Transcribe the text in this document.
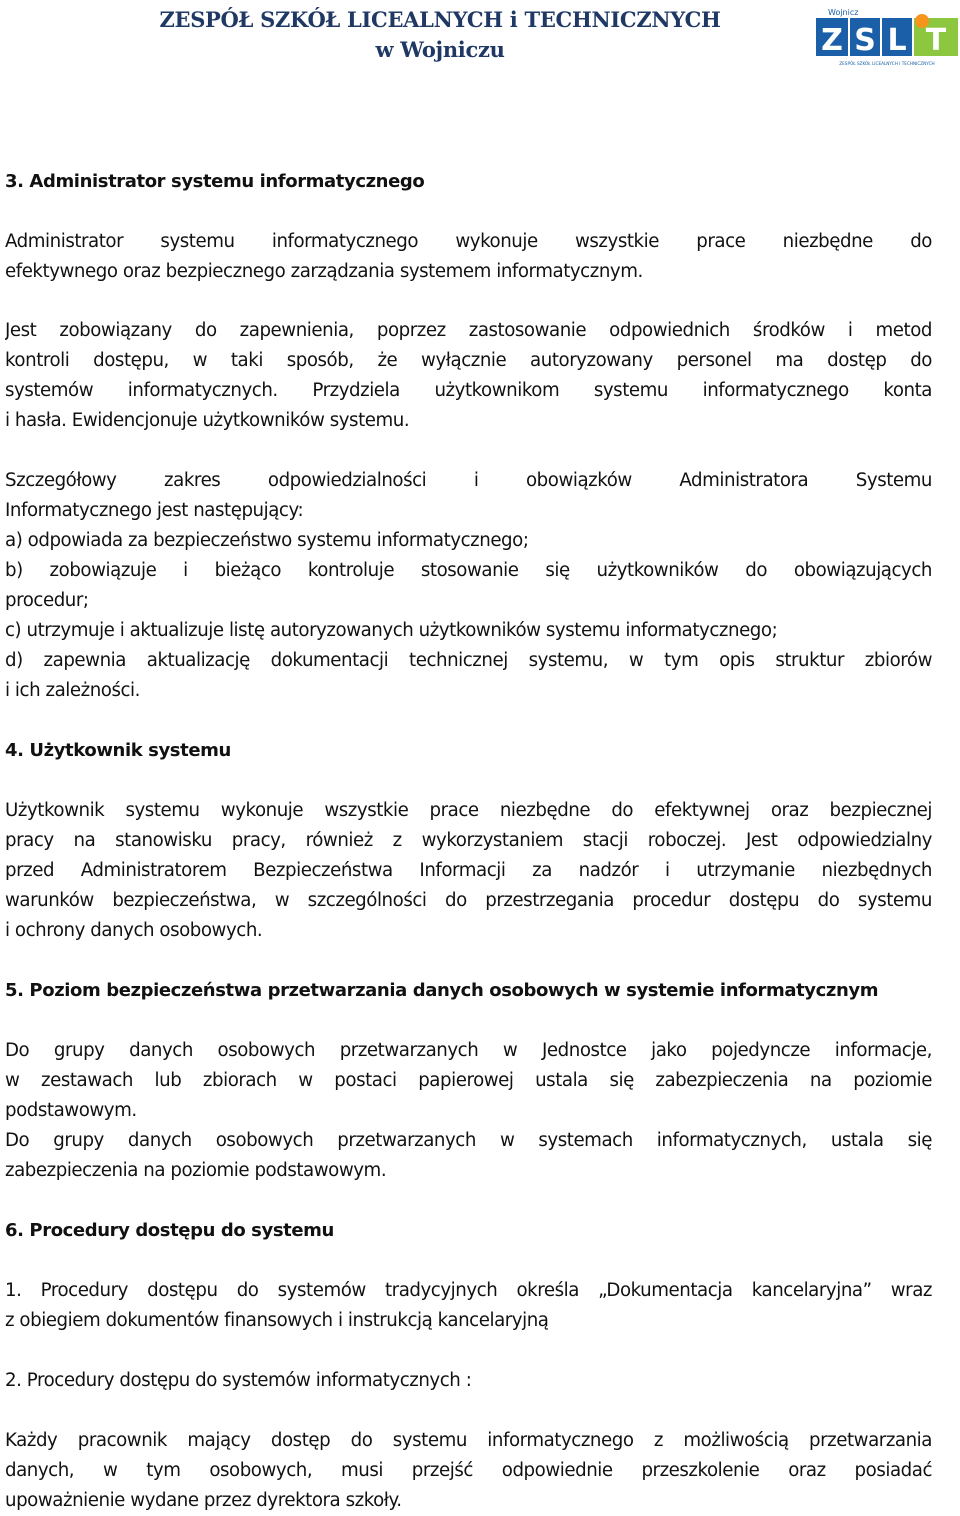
ZESPÓŁ SZKÓŁ LICEALNYCH i TECHNICZNYCH
w Wojniczu
Wojnicz
Z S L T
ZESPÓŁ SZKÓŁ LICEALNYCH I TECHNICZNYCH
3. Administrator systemu informatycznego
Administrator systemu informatycznego wykonuje wszystkie prace niezbędne do
efektywnego oraz bezpiecznego zarządzania systemem informatycznym.
Jest zobowiązany do zapewnienia, poprzez zastosowanie odpowiednich środków i metod
kontroli dostępu, w taki sposób, że wyłącznie autoryzowany personel ma dostęp do
systemów informatycznych. Przydziela użytkownikom systemu informatycznego konta
i hasła. Ewidencjonuje użytkowników systemu.
Szczegółowy zakres odpowiedzialności i obowiązków Administratora Systemu
Informatycznego jest następujący:
a) odpowiada za bezpieczeństwo systemu informatycznego;
b) zobowiązuje i bieżąco kontroluje stosowanie się użytkowników do obowiązujących
procedur;
c) utrzymuje i aktualizuje listę autoryzowanych użytkowników systemu informatycznego;
d) zapewnia aktualizację dokumentacji technicznej systemu, w tym opis struktur zbiorów
i ich zależności.
4. Użytkownik systemu
Użytkownik systemu wykonuje wszystkie prace niezbędne do efektywnej oraz bezpiecznej
pracy na stanowisku pracy, również z wykorzystaniem stacji roboczej. Jest odpowiedzialny
przed Administratorem Bezpieczeństwa Informacji za nadzór i utrzymanie niezbędnych
warunków bezpieczeństwa, w szczególności do przestrzegania procedur dostępu do systemu
i ochrony danych osobowych.
5. Poziom bezpieczeństwa przetwarzania danych osobowych w systemie informatycznym
Do grupy danych osobowych przetwarzanych w Jednostce jako pojedyncze informacje,
w zestawach lub zbiorach w postaci papierowej ustala się zabezpieczenia na poziomie
podstawowym.
Do grupy danych osobowych przetwarzanych w systemach informatycznych, ustala się
zabezpieczenia na poziomie podstawowym.
6. Procedury dostępu do systemu
1. Procedury dostępu do systemów tradycyjnych określa „Dokumentacja kancelaryjna” wraz
z obiegiem dokumentów finansowych i instrukcją kancelaryjną
2. Procedury dostępu do systemów informatycznych :
Każdy pracownik mający dostęp do systemu informatycznego z możliwością przetwarzania
danych, w tym osobowych, musi przejść odpowiednie przeszkolenie oraz posiadać
upoważnienie wydane przez dyrektora szkoły.
